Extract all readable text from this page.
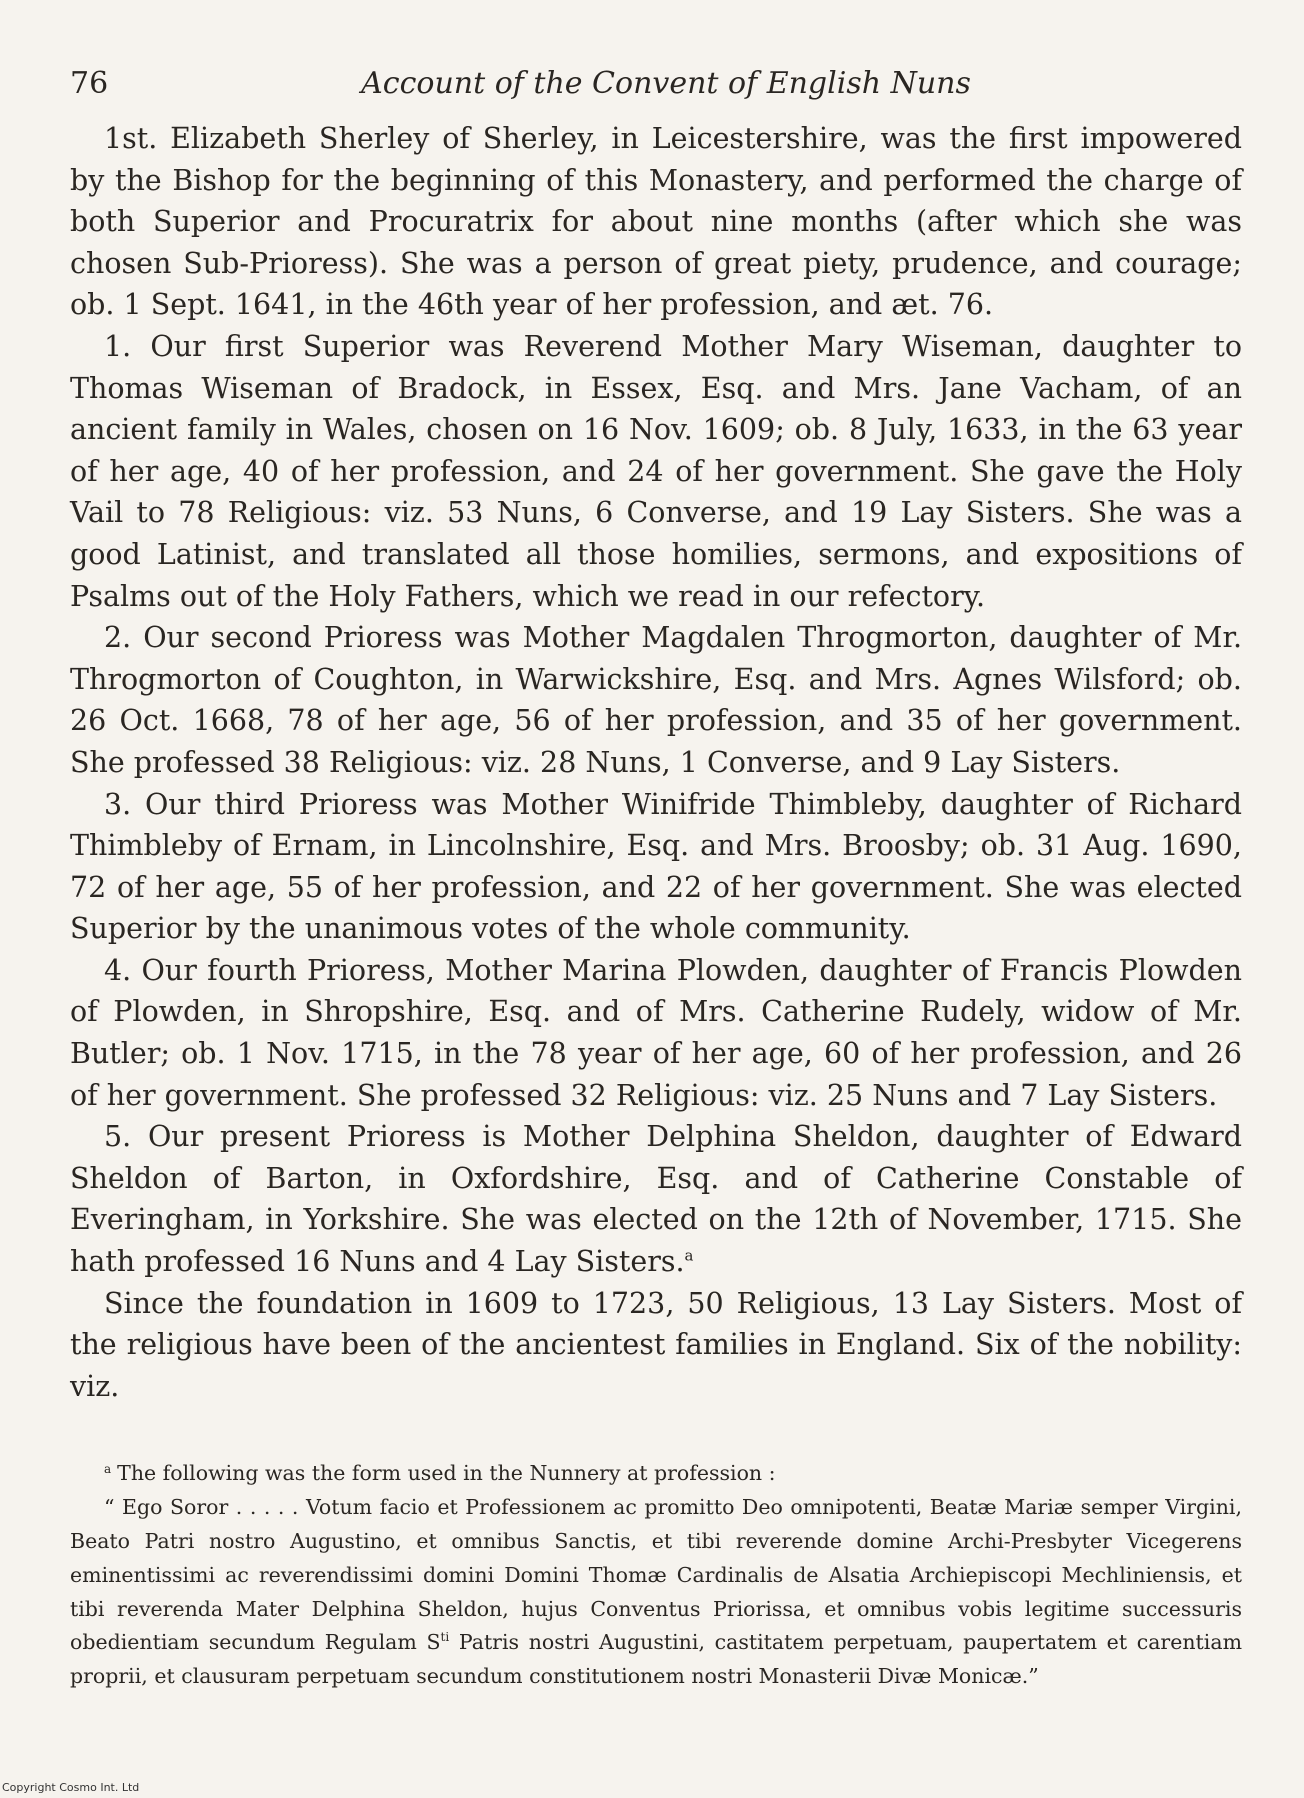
76	Account of the Convent of English Nuns

1st. Elizabeth Sherley of Sherley, in Leicestershire, was the first impowered by the Bishop for the beginning of this Monastery, and performed the charge of both Superior and Procuratrix for about nine months (after which she was chosen Sub-Prioress). She was a person of great piety, prudence, and courage; ob. 1 Sept. 1641, in the 46th year of her profession, and æt. 76.

1. Our first Superior was Reverend Mother Mary Wiseman, daughter to Thomas Wiseman of Bradock, in Essex, Esq. and Mrs. Jane Vacham, of an ancient family in Wales, chosen on 16 Nov. 1609; ob. 8 July, 1633, in the 63 year of her age, 40 of her profession, and 24 of her government. She gave the Holy Vail to 78 Religious: viz. 53 Nuns, 6 Converse, and 19 Lay Sisters. She was a good Latinist, and translated all those homilies, sermons, and expositions of Psalms out of the Holy Fathers, which we read in our refectory.

2. Our second Prioress was Mother Magdalen Throgmorton, daughter of Mr. Throgmorton of Coughton, in Warwickshire, Esq. and Mrs. Agnes Wilsford; ob. 26 Oct. 1668, 78 of her age, 56 of her profession, and 35 of her government. She professed 38 Religious: viz. 28 Nuns, 1 Converse, and 9 Lay Sisters.

3. Our third Prioress was Mother Winifride Thimbleby, daughter of Richard Thimbleby of Ernam, in Lincolnshire, Esq. and Mrs. Broosby; ob. 31 Aug. 1690, 72 of her age, 55 of her profession, and 22 of her government. She was elected Superior by the unanimous votes of the whole community.

4. Our fourth Prioress, Mother Marina Plowden, daughter of Francis Plowden of Plowden, in Shropshire, Esq. and of Mrs. Catherine Rudely, widow of Mr. Butler; ob. 1 Nov. 1715, in the 78 year of her age, 60 of her profession, and 26 of her government. She professed 32 Religious: viz. 25 Nuns and 7 Lay Sisters.

5. Our present Prioress is Mother Delphina Sheldon, daughter of Edward Sheldon of Barton, in Oxfordshire, Esq. and of Catherine Constable of Everingham, in Yorkshire. She was elected on the 12th of November, 1715. She hath professed 16 Nuns and 4 Lay Sisters.$^a$

Since the foundation in 1609 to 1723, 50 Religious, 13 Lay Sisters. Most of the religious have been of the ancientest families in England. Six of the nobility: viz.

$^a$ The following was the form used in the Nunnery at profession :

“ Ego Soror . . . . . Votum facio et Professionem ac promitto Deo omnipotenti, Beatæ Mariæ semper Virgini, Beato Patri nostro Augustino, et omnibus Sanctis, et tibi reverende domine Archi-Presbyter Vicegerens eminentissimi ac reverendissimi domini Domini Thomæ Cardinalis de Alsatia Archiepiscopi Mechliniensis, et tibi reverenda Mater Delphina Sheldon, hujus Conventus Priorissa, et omnibus vobis legitime successuris obedientiam secundum Regulam $S^{ti}$ Patris nostri Augustini, castitatem perpetuam, paupertatem et carentiam proprii, et clausuram perpetuam secundum constitutionem nostri Monasterii Divæ Monicæ.”

Copyright Cosmo Int. Ltd
